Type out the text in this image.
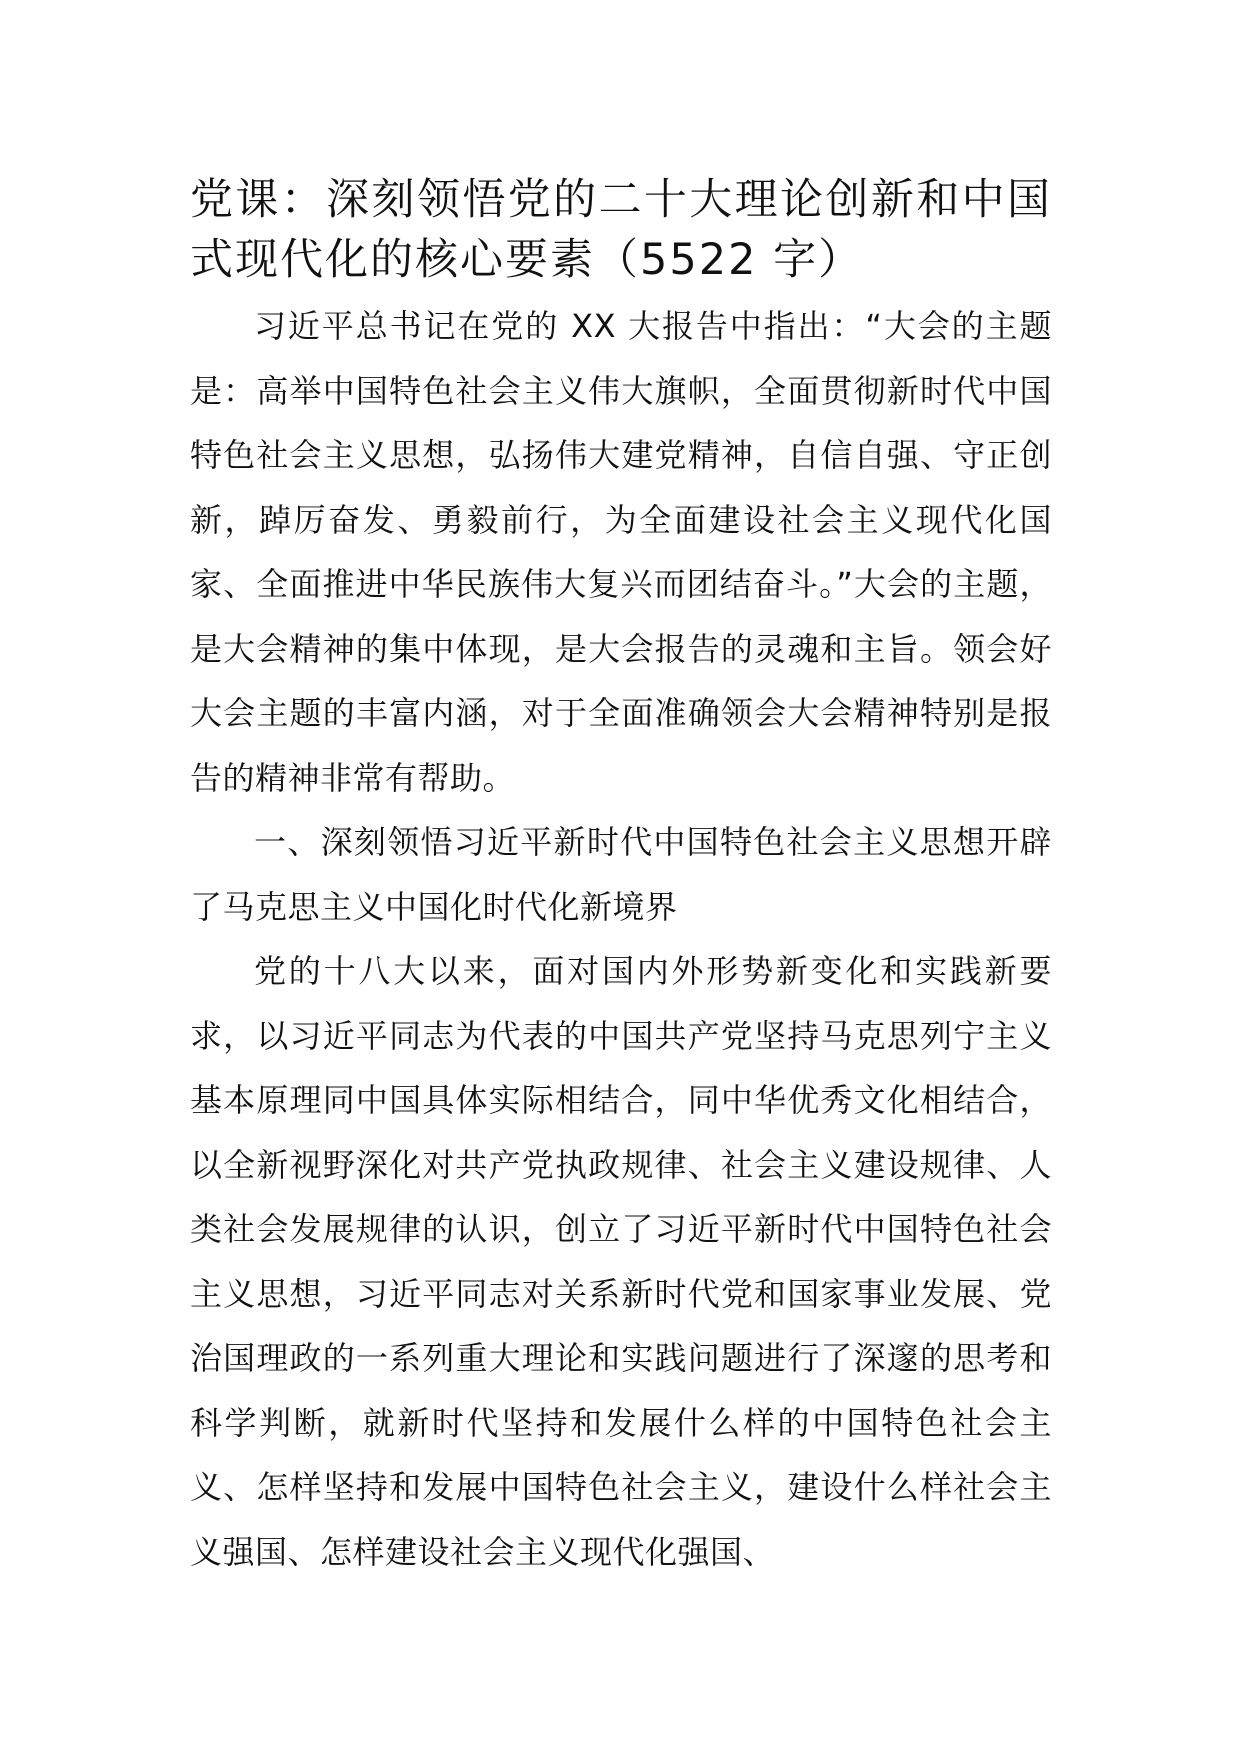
党课：深刻领悟党的二十大理论创新和中国式现代化的核心要素（5522 字）

习近平总书记在党的 XX 大报告中指出：“大会的主题是：高举中国特色社会主义伟大旗帜，全面贯彻新时代中国特色社会主义思想，弘扬伟大建党精神，自信自强、守正创新，踔厉奋发、勇毅前行，为全面建设社会主义现代化国家、全面推进中华民族伟大复兴而团结奋斗。”大会的主题，是大会精神的集中体现，是大会报告的灵魂和主旨。领会好大会主题的丰富内涵，对于全面准确领会大会精神特别是报告的精神非常有帮助。

一、深刻领悟习近平新时代中国特色社会主义思想开辟了马克思主义中国化时代化新境界

党的十八大以来，面对国内外形势新变化和实践新要求，以习近平同志为代表的中国共产党坚持马克思列宁主义基本原理同中国具体实际相结合，同中华优秀文化相结合，以全新视野深化对共产党执政规律、社会主义建设规律、人类社会发展规律的认识，创立了习近平新时代中国特色社会主义思想，习近平同志对关系新时代党和国家事业发展、党治国理政的一系列重大理论和实践问题进行了深邃的思考和科学判断，就新时代坚持和发展什么样的中国特色社会主义、怎样坚持和发展中国特色社会主义，建设什么样社会主义强国、怎样建设社会主义现代化强国、
